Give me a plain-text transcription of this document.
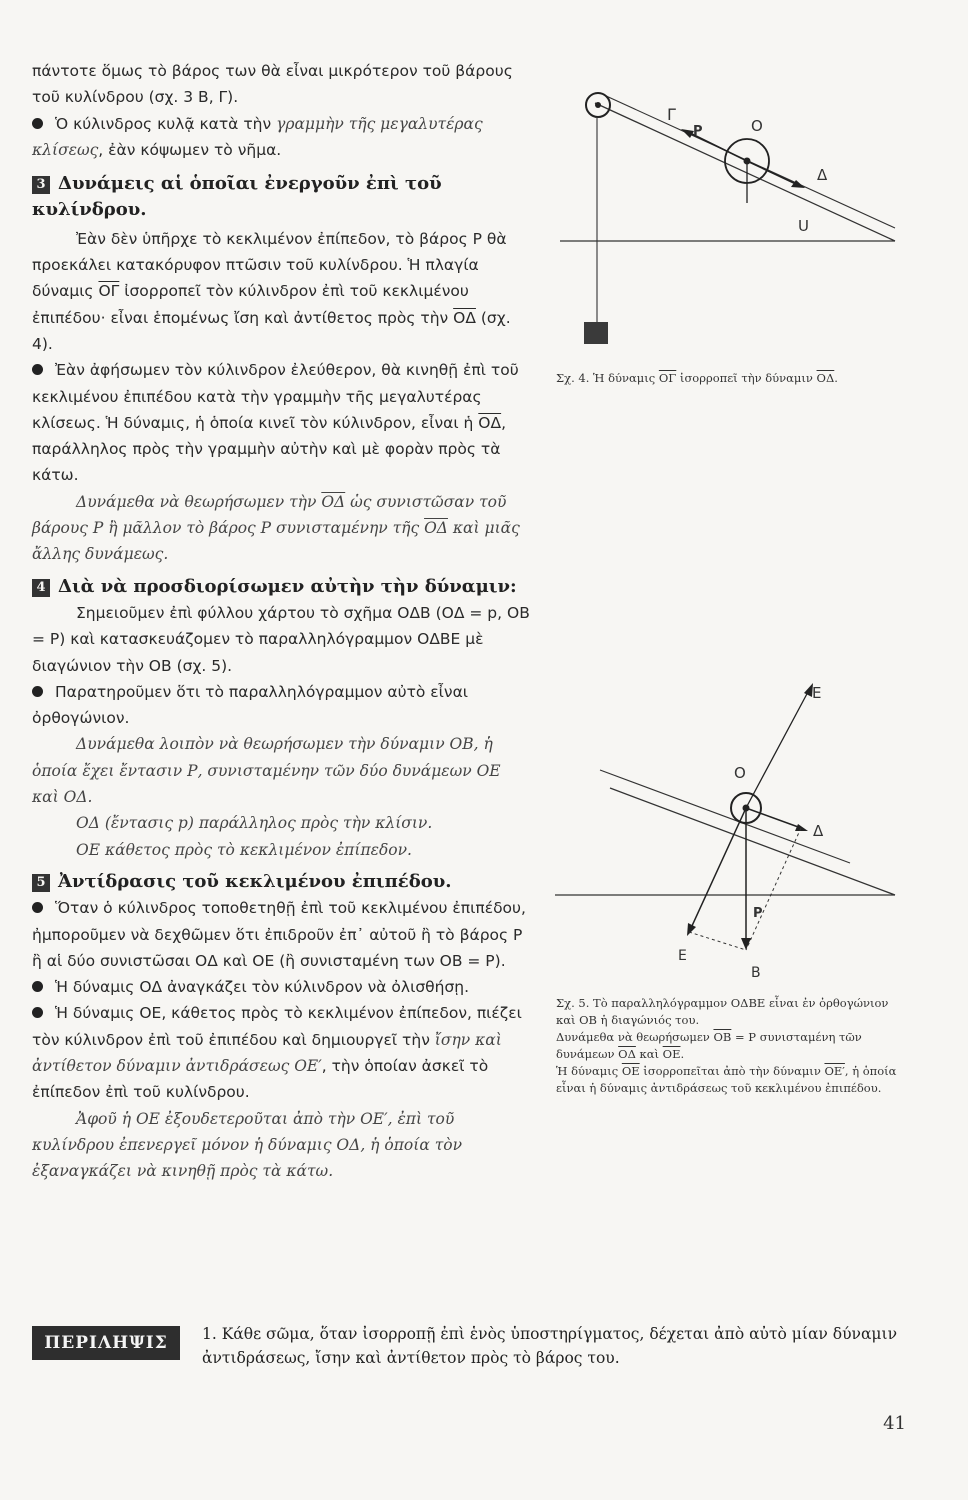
πάντοτε ὅμως τὸ βάρος των θὰ εἶναι μικρότερον τοῦ βάρους τοῦ κυλίνδρου (σχ. 3 Β, Γ).

Ὁ κύλινδρος κυλᾷ κατὰ τὴν γραμμὴν τῆς μεγαλυτέρας κλίσεως, ἐὰν κόψωμεν τὸ νῆμα.

3 Δυνάμεις αἱ ὁποῖαι ἐνεργοῦν ἐπὶ τοῦ κυλίνδρου.

Ἐὰν δὲν ὑπῆρχε τὸ κεκλιμένον ἐπίπεδον, τὸ βάρος Ρ θὰ προεκάλει κατακόρυφον πτῶσιν τοῦ κυλίνδρου. Ἡ πλαγία δύναμις $\overline{O\Gamma}$ ἰσορροπεῖ τὸν κύλινδρον ἐπὶ τοῦ κεκλιμένου ἐπιπέδου· εἶναι ἑπομένως ἴση καὶ ἀντίθετος πρὸς τὴν $\overline{O\Delta}$ (σχ. 4).

Ἐὰν ἀφήσωμεν τὸν κύλινδρον ἐλεύθερον, θὰ κινηθῇ ἐπὶ τοῦ κεκλιμένου ἐπιπέδου κατὰ τὴν γραμμὴν τῆς μεγαλυτέρας κλίσεως. Ἡ δύναμις, ἡ ὁποία κινεῖ τὸν κύλινδρον, εἶναι ἡ $\overline{O\Delta}$, παράλληλος πρὸς τὴν γραμμὴν αὐτὴν καὶ μὲ φορὰν πρὸς τὰ κάτω.

Δυνάμεθα νὰ θεωρήσωμεν τὴν $\overline{O\Delta}$ ὡς συνιστῶσαν τοῦ βάρους Ρ ἢ μᾶλλον τὸ βάρος Ρ συνισταμένην τῆς $\overline{O\Delta}$ καὶ μιᾶς ἄλλης δυνάμεως.

4 Διὰ νὰ προσδιορίσωμεν αὐτὴν τὴν δύναμιν:

Σημειοῦμεν ἐπὶ φύλλου χάρτου τὸ σχῆμα ΟΔΒ (ΟΔ = p, ΟΒ = Ρ) καὶ κατασκευάζομεν τὸ παραλληλόγραμμον ΟΔΒΕ μὲ διαγώνιον τὴν ΟΒ (σχ. 5).

Παρατηροῦμεν ὅτι τὸ παραλληλόγραμμον αὐτὸ εἶναι ὀρθογώνιον.

Δυνάμεθα λοιπὸν νὰ θεωρήσωμεν τὴν δύναμιν ΟΒ, ἡ ὁποία ἔχει ἔντασιν Ρ, συνισταμένην τῶν δύο δυνάμεων ΟΕ καὶ ΟΔ.

ΟΔ (ἔντασις p) παράλληλος πρὸς τὴν κλίσιν.

ΟΕ κάθετος πρὸς τὸ κεκλιμένον ἐπίπεδον.

5 Ἀντίδρασις τοῦ κεκλιμένου ἐπιπέδου.

Ὅταν ὁ κύλινδρος τοποθετηθῇ ἐπὶ τοῦ κεκλιμένου ἐπιπέδου, ἠμποροῦμεν νὰ δεχθῶμεν ὅτι ἐπιδροῦν ἐπ᾽ αὐτοῦ ἢ τὸ βάρος Ρ ἢ αἱ δύο συνιστῶσαι ΟΔ καὶ ΟΕ (ἢ συνισταμένη των ΟΒ = Ρ).

Ἡ δύναμις ΟΔ ἀναγκάζει τὸν κύλινδρον νὰ ὀλισθήσῃ.

Ἡ δύναμις ΟΕ, κάθετος πρὸς τὸ κεκλιμένον ἐπίπεδον, πιέζει τὸν κύλινδρον ἐπὶ τοῦ ἐπιπέδου καὶ δημιουργεῖ τὴν ἴσην καὶ ἀντίθετον δύναμιν ἀντιδράσεως ΟΕ′, τὴν ὁποίαν ἀσκεῖ τὸ ἐπίπεδον ἐπὶ τοῦ κυλίνδρου.

Ἀφοῦ ἡ ΟΕ ἐξουδετεροῦται ἀπὸ τὴν ΟΕ′, ἐπὶ τοῦ κυλίνδρου ἐπενεργεῖ μόνον ἡ δύναμις ΟΔ, ἡ ὁποία τὸν ἐξαναγκάζει νὰ κινηθῇ πρὸς τὰ κάτω.

Γ
Ρ	Ο
Δ
U
Σχ. 4. Ἡ δύναμις $\overline{O\Gamma}$ ἰσορροπεῖ τὴν δύναμιν $\overline{O\Delta}$.
E
O
Δ
P
E
B
Σχ. 5. Τὸ παραλληλόγραμμον ΟΔΒΕ εἶναι ἐν ὀρθογώνιον καὶ ΟΒ ἡ διαγώνιός του.
Δυνάμεθα νὰ θεωρήσωμεν $\overline{OB} = P$ συνισταμένη τῶν δυνάμεων $\overline{O\Delta}$ καὶ $\overline{OE}$.
Ἡ δύναμις $\overline{OE}$ ἰσορροπεῖται ἀπὸ τὴν δύναμιν ΟΕ′, ἡ ὁποία εἶναι ἡ δύναμις ἀντιδράσεως τοῦ κεκλιμένου ἐπιπέδου.
ΠΕΡΙΛΗΨΙΣ	1. Κάθε σῶμα, ὅταν ἰσορροπῇ ἐπὶ ἑνὸς ὑποστηρίγματος, δέχεται ἀπὸ αὐτὸ μίαν δύναμιν ἀντιδράσεως, ἴσην καὶ ἀντίθετον πρὸς τὸ βάρος του.
41
